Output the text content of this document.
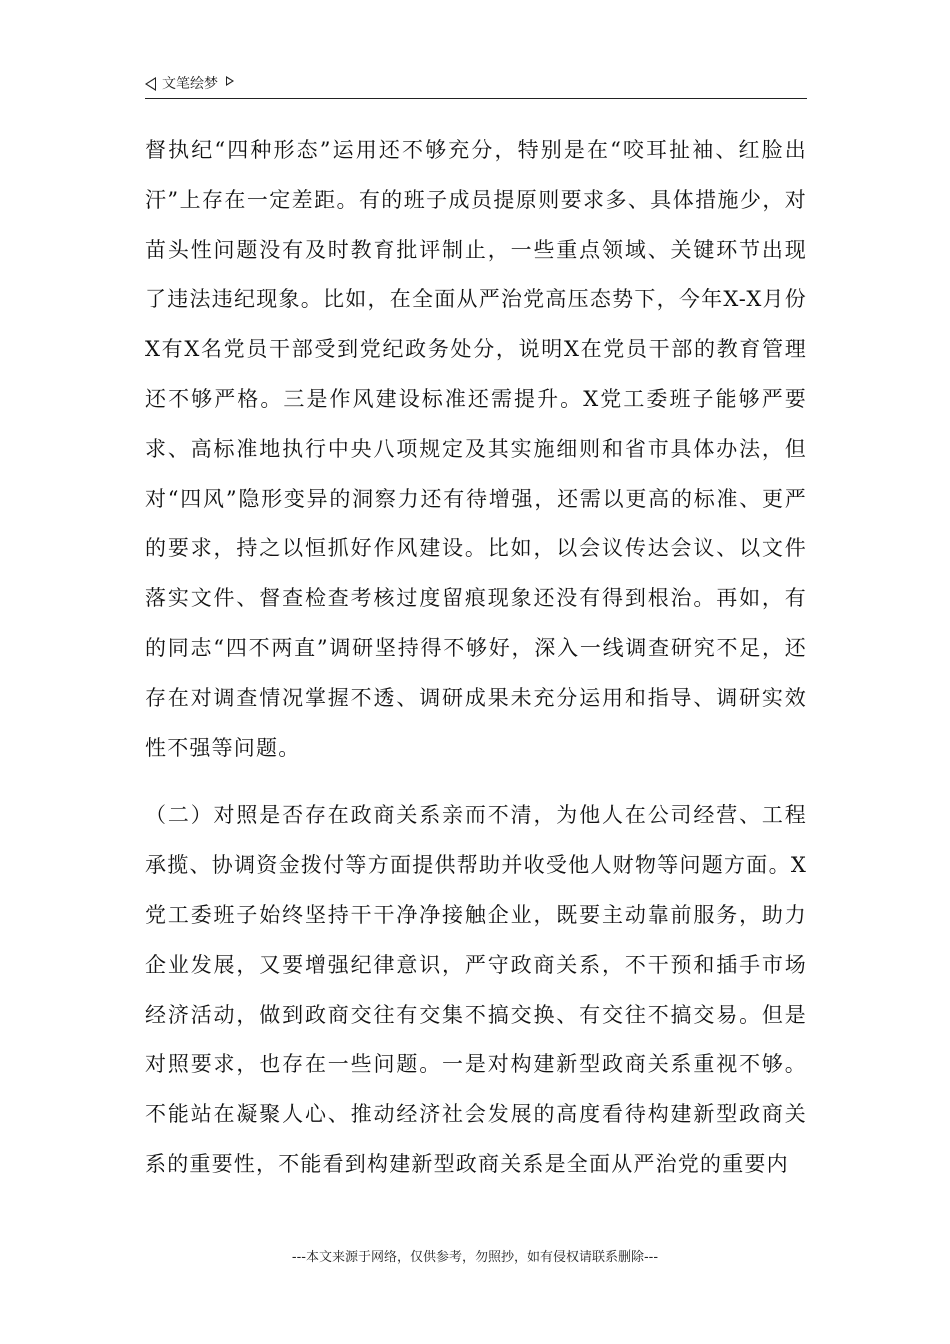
文笔绘梦

督执纪“四种形态”运用还不够充分，特别是在“咬耳扯袖、红脸出汗”上存在一定差距。有的班子成员提原则要求多、具体措施少，对苗头性问题没有及时教育批评制止，一些重点领域、关键环节出现了违法违纪现象。比如，在全面从严治党高压态势下，今年X-X月份X有X名党员干部受到党纪政务处分，说明X在党员干部的教育管理还不够严格。三是作风建设标准还需提升。X党工委班子能够严要求、高标准地执行中央八项规定及其实施细则和省市具体办法，但对“四风”隐形变异的洞察力还有待增强，还需以更高的标准、更严的要求，持之以恒抓好作风建设。比如，以会议传达会议、以文件落实文件、督查检查考核过度留痕现象还没有得到根治。再如，有的同志“四不两直”调研坚持得不够好，深入一线调查研究不足，还存在对调查情况掌握不透、调研成果未充分运用和指导、调研实效性不强等问题。

（二）对照是否存在政商关系亲而不清，为他人在公司经营、工程承揽、协调资金拨付等方面提供帮助并收受他人财物等问题方面。X党工委班子始终坚持干干净净接触企业，既要主动靠前服务，助力企业发展，又要增强纪律意识，严守政商关系，不干预和插手市场经济活动，做到政商交往有交集不搞交换、有交往不搞交易。但是对照要求，也存在一些问题。一是对构建新型政商关系重视不够。不能站在凝聚人心、推动经济社会发展的高度看待构建新型政商关系的重要性，不能看到构建新型政商关系是全面从严治党的重要内

---本文来源于网络，仅供参考，勿照抄，如有侵权请联系删除---
